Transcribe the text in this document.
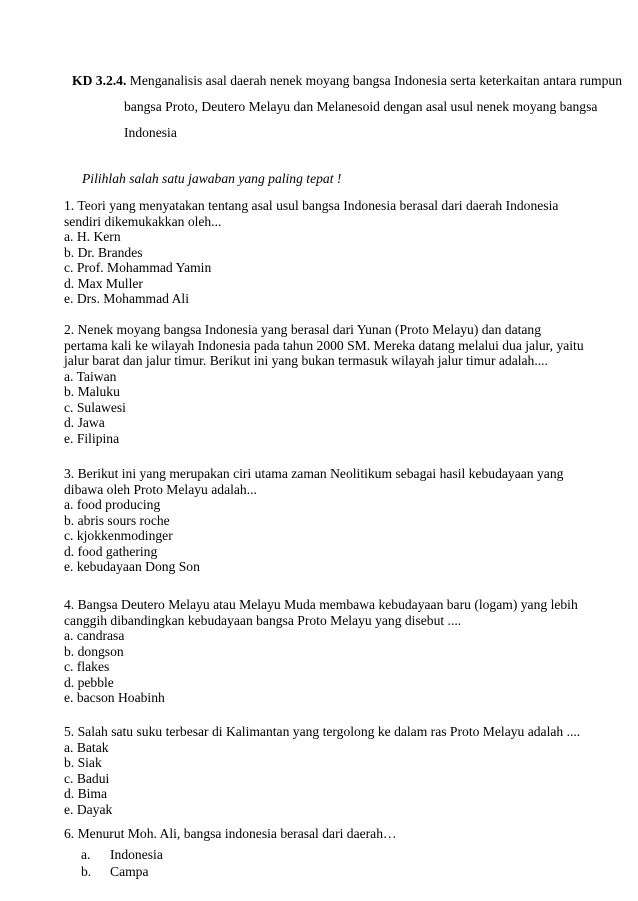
KD 3.2.4. Menganalisis asal daerah nenek moyang bangsa Indonesia serta keterkaitan antara rumpun
bangsa Proto, Deutero Melayu dan Melanesoid dengan asal usul nenek moyang bangsa
Indonesia
Pilihlah salah satu jawaban yang paling tepat !

1. Teori yang menyatakan tentang asal usul bangsa Indonesia berasal dari daerah Indonesia sendiri dikemukakkan oleh...

a. H. Kern
b. Dr. Brandes
c. Prof. Mohammad Yamin
d. Max Muller
e. Drs. Mohammad Ali

2. Nenek moyang bangsa Indonesia yang berasal dari Yunan (Proto Melayu) dan datang pertama kali ke wilayah Indonesia pada tahun 2000 SM. Mereka datang melalui dua jalur, yaitu jalur barat dan jalur timur. Berikut ini yang bukan termasuk wilayah jalur timur adalah....

a. Taiwan
b. Maluku
c. Sulawesi
d. Jawa
e. Filipina

3. Berikut ini yang merupakan ciri utama zaman Neolitikum sebagai hasil kebudayaan yang dibawa oleh Proto Melayu adalah...

a. food producing
b. abris sours roche
c. kjokkenmodinger
d. food gathering
e. kebudayaan Dong Son

4. Bangsa Deutero Melayu atau Melayu Muda membawa kebudayaan baru (logam) yang lebih canggih dibandingkan kebudayaan bangsa Proto Melayu yang disebut ....

a. candrasa
b. dongson
c. flakes
d. pebble
e. bacson Hoabinh

5. Salah satu suku terbesar di Kalimantan yang tergolong ke dalam ras Proto Melayu adalah ....

a. Batak
b. Siak
c. Badui
d. Bima
e. Dayak

6. Menurut Moh. Ali, bangsa indonesia berasal dari daerah…

a. Indonesia
b. Campa
